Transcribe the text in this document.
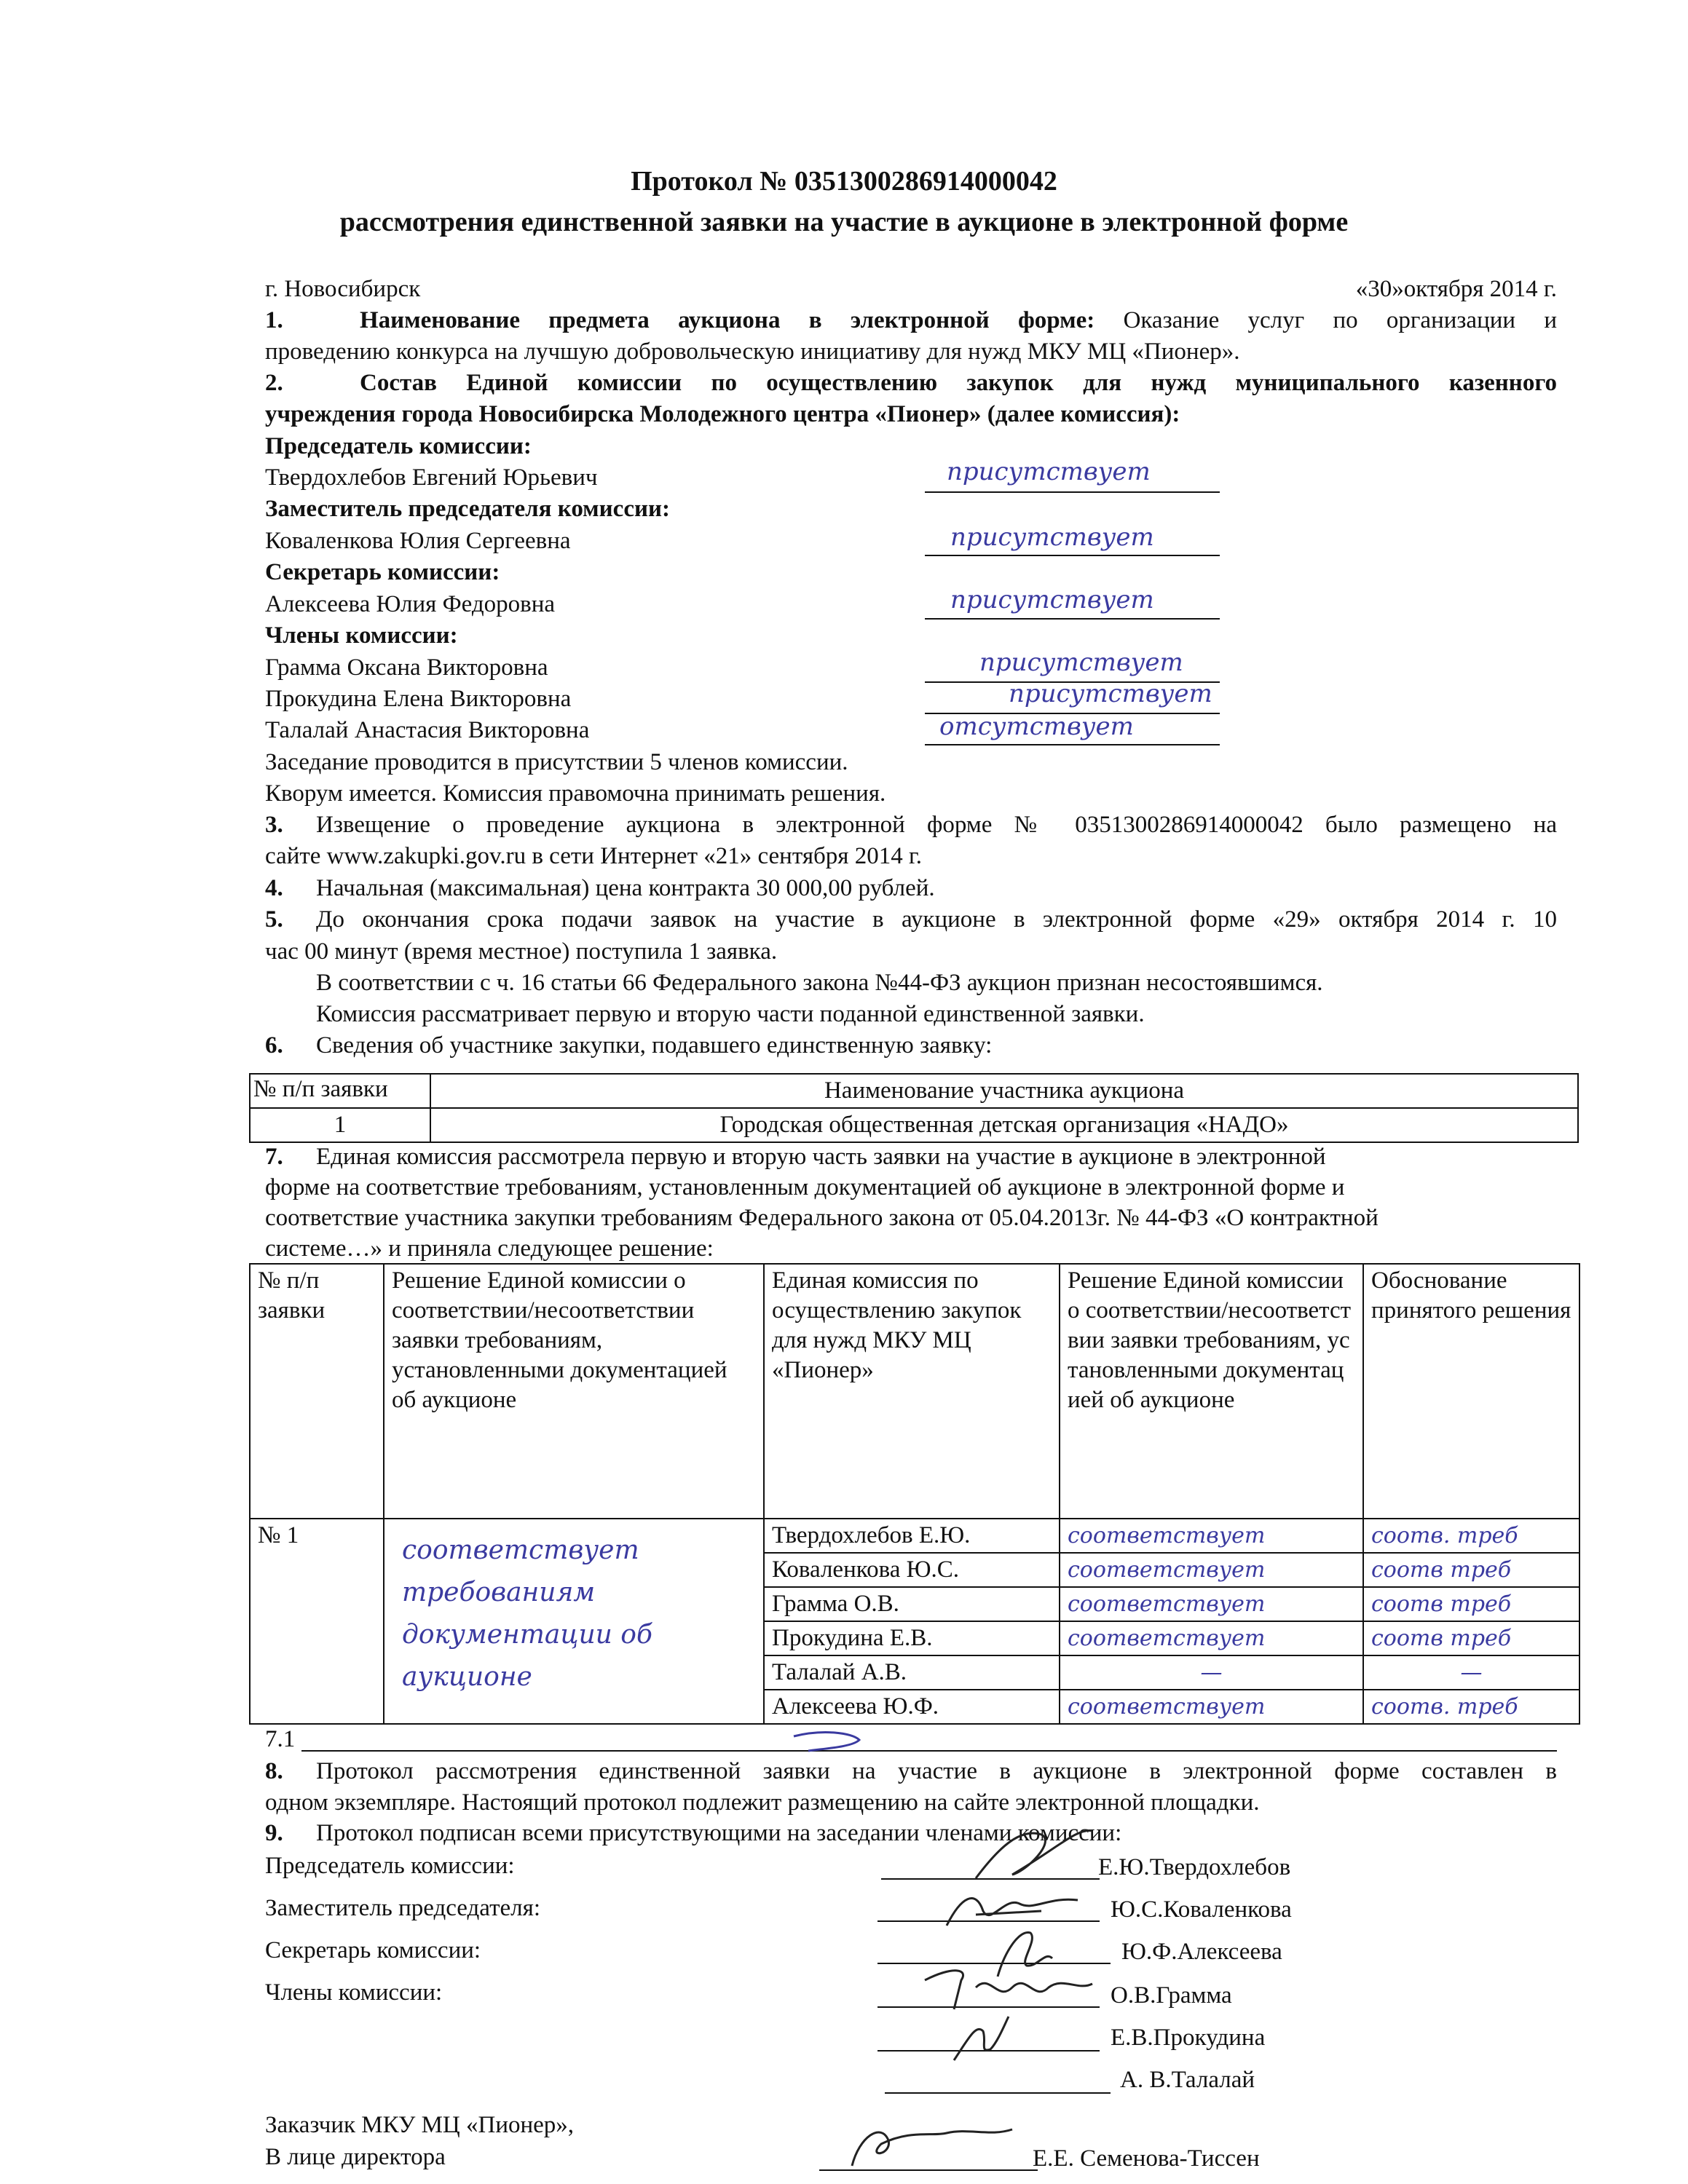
Протокол № 0351300286914000042
рассмотрения единственной заявки на участие в аукционе в электронной форме
г. Новосибирск	«30»октября 2014 г.
1.	Наименование предмета аукциона в электронной форме: Оказание услуг по организации и
проведению конкурса на лучшую добровольческую инициативу для нужд МКУ МЦ «Пионер».
2.	Состав Единой комиссии по осуществлению закупок для нужд муниципального казенного
учреждения города Новосибирска Молодежного центра «Пионер» (далее комиссия):
Председатель комиссии:
Твердохлебов Евгений Юрьевич	присутствует
Заместитель председателя комиссии:
Коваленкова Юлия Сергеевна	присутствует
Секретарь комиссии:
Алексеева Юлия Федоровна	присутствует
Члены комиссии:
Грамма Оксана Викторовна	присутствует
Прокудина Елена Викторовна	присутствует
Талалай Анастасия Викторовна	отсутствует
Заседание проводится в присутствии 5 членов комиссии.
Кворум имеется. Комиссия правомочна принимать решения.
3. Извещение о проведение аукциона в электронной форме № 0351300286914000042 было размещено на
сайте www.zakupki.gov.ru в сети Интернет «21» сентября 2014 г.
4. Начальная (максимальная) цена контракта 30 000,00 рублей.
5. До окончания срока подачи заявок на участие в аукционе в электронной форме «29» октября 2014 г. 10
час 00 минут (время местное) поступила 1 заявка.
В соответствии с ч. 16 статьи 66 Федерального закона №44-ФЗ аукцион признан несостоявшимся.
Комиссия рассматривает первую и вторую части поданной единственной заявки.
6. Сведения об участнике закупки, подавшего единственную заявку:
№ п/п заявки	Наименование участника аукциона
1	Городская общественная детская организация «НАДО»
7. Единая комиссия рассмотрела первую и вторую часть заявки на участие в аукционе в электронной
форме на соответствие требованиям, установленным документацией об аукционе в электронной форме и
соответствие участника закупки требованиям Федерального закона от 05.04.2013г. № 44-ФЗ «О контрактной
системе…» и приняла следующее решение:
№ п/п заявки	Решение Единой комиссии о соответствии/несоответствии заявки требованиям, установленными документацией об аукционе	Единая комиссия по осуществлению закупок для нужд МКУ МЦ «Пионер»	Решение Единой комиссии о соответствии/несоответствии заявки требованиям, установленными документацией об аукционе	Обоснование принятого решения
№ 1	соответствует требованиям документации об аукционе	Твердохлебов Е.Ю.	соответствует	соотв. треб
		Коваленкова Ю.С.	соответствует	соотв треб
		Грамма О.В.	соответствует	соотв треб
		Прокудина Е.В.	соответствует	соотв треб
		Талалай А.В.	—	—
		Алексеева Ю.Ф.	соответствует	соотв. треб
7.1
8. Протокол рассмотрения единственной заявки на участие в аукционе в электронной форме составлен в
одном экземпляре. Настоящий протокол подлежит размещению на сайте электронной площадки.
9. Протокол подписан всеми присутствующими на заседании членами комиссии:
Председатель комиссии:	Е.Ю.Твердохлебов
Заместитель председателя:	Ю.С.Коваленкова
Секретарь комиссии:	Ю.Ф.Алексеева
Члены комиссии:	О.В.Грамма
Е.В.Прокудина
А. В.Талалай
Заказчик МКУ МЦ «Пионер»,
В лице директора	Е.Е. Семенова-Тиссен
